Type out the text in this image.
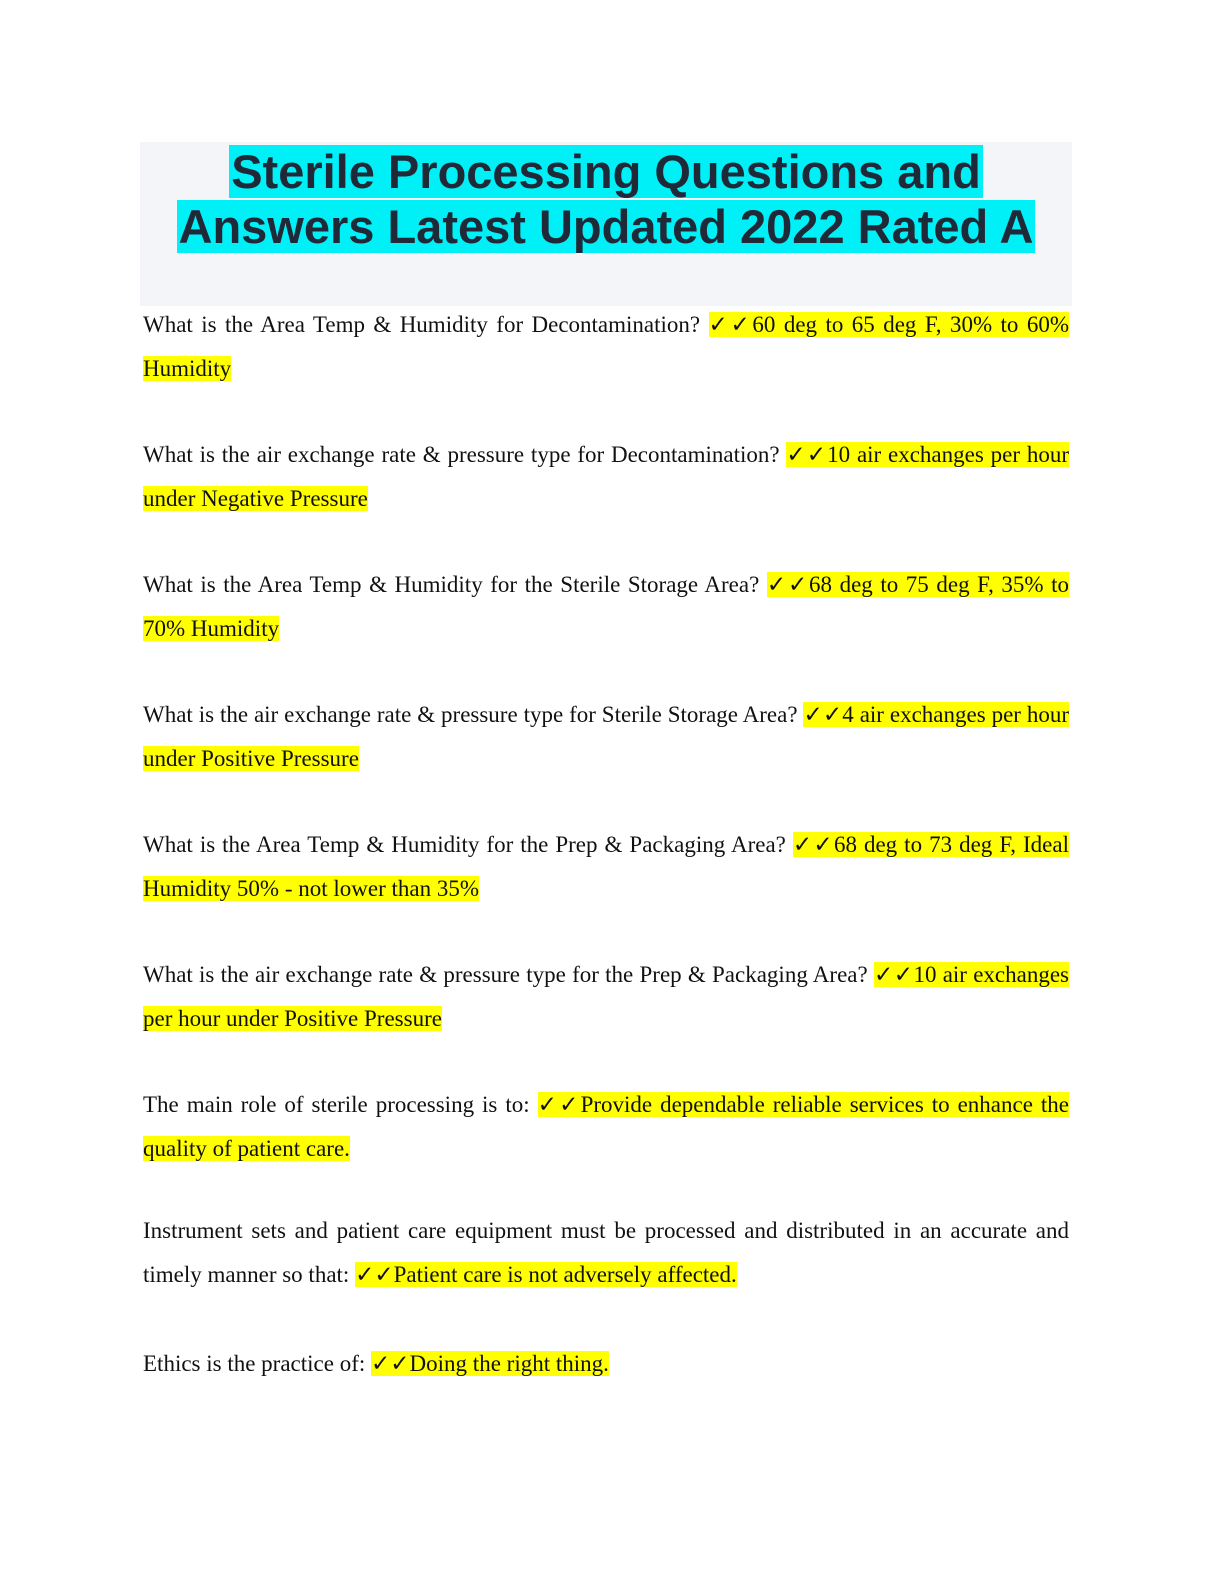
Sterile Processing Questions and
Answers Latest Updated 2022 Rated A

What is the Area Temp & Humidity for Decontamination? ✓✓60 deg to 65 deg F, 30% to 60% Humidity

What is the air exchange rate & pressure type for Decontamination? ✓✓10 air exchanges per hour under Negative Pressure

What is the Area Temp & Humidity for the Sterile Storage Area? ✓✓68 deg to 75 deg F, 35% to 70% Humidity

What is the air exchange rate & pressure type for Sterile Storage Area? ✓✓4 air exchanges per hour under Positive Pressure

What is the Area Temp & Humidity for the Prep & Packaging Area? ✓✓68 deg to 73 deg F, Ideal Humidity 50% - not lower than 35%

What is the air exchange rate & pressure type for the Prep & Packaging Area? ✓✓10 air exchanges per hour under Positive Pressure

The main role of sterile processing is to: ✓✓Provide dependable reliable services to enhance the quality of patient care.

Instrument sets and patient care equipment must be processed and distributed in an accurate and timely manner so that: ✓✓Patient care is not adversely affected.

Ethics is the practice of: ✓✓Doing the right thing.
